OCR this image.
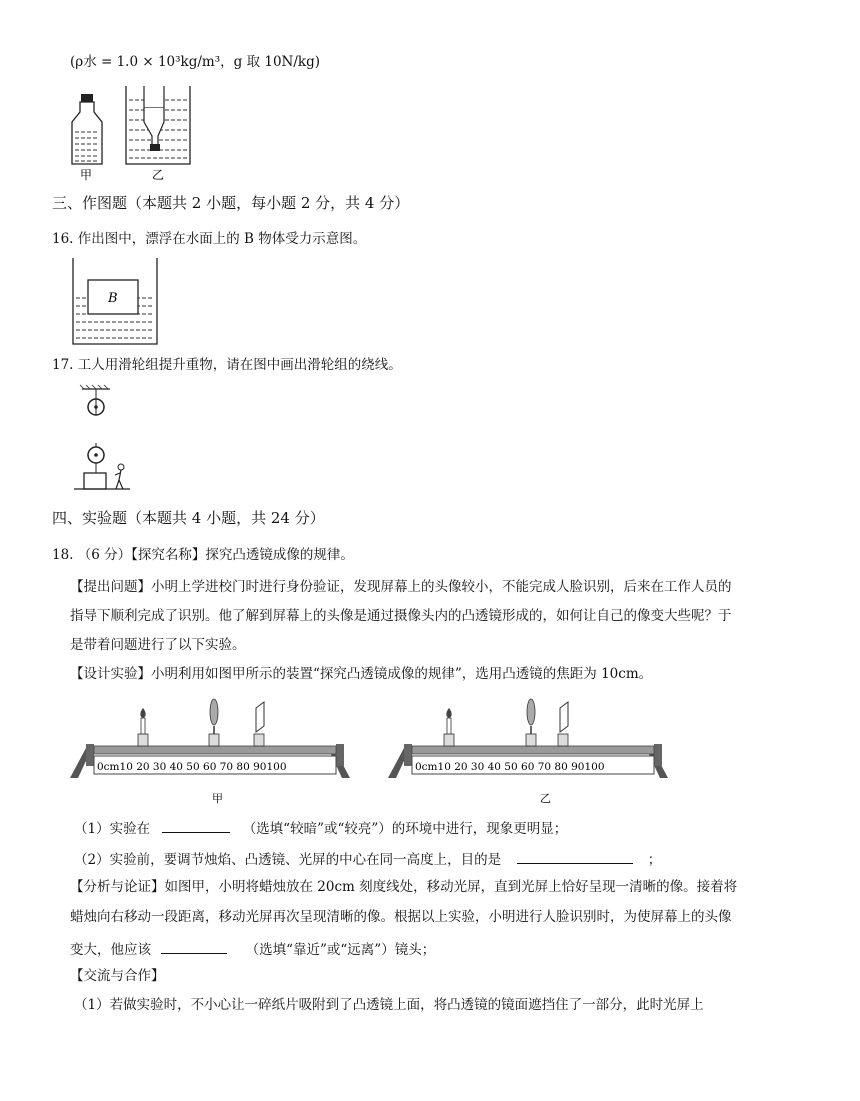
(ρ水 = 1.0 × 10³kg/m³，g 取 10N/kg)
甲	乙
三、作图题（本题共 2 小题，每小题 2 分，共 4 分）
16. 作出图中，漂浮在水面上的 B 物体受力示意图。
B
17. 工人用滑轮组提升重物，请在图中画出滑轮组的绕线。
四、实验题（本题共 4 小题，共 24 分）
18. （6 分）【探究名称】探究凸透镜成像的规律。
【提出问题】小明上学进校门时进行身份验证，发现屏幕上的头像较小，不能完成人脸识别，后来在工作人员的
指导下顺利完成了识别。他了解到屏幕上的头像是通过摄像头内的凸透镜形成的，如何让自己的像变大些呢？于
是带着问题进行了以下实验。
【设计实验】小明利用如图甲所示的装置“探究凸透镜成像的规律”，选用凸透镜的焦距为 10cm。
0cm10 20 30 40 50 60 70 80 90100
甲
0cm10 20 30 40 50 60 70 80 90100
乙
（1）实验在	（选填“较暗”或“较亮”）的环境中进行，现象更明显；
（2）实验前，要调节烛焰、凸透镜、光屏的中心在同一高度上，目的是	；
【分析与论证】如图甲，小明将蜡烛放在 20cm 刻度线处，移动光屏，直到光屏上恰好呈现一清晰的像。接着将
蜡烛向右移动一段距离，移动光屏再次呈现清晰的像。根据以上实验，小明进行人脸识别时，为使屏幕上的头像
变大，他应该	（选填“靠近”或“远离”）镜头；
【交流与合作】
（1）若做实验时，不小心让一碎纸片吸附到了凸透镜上面，将凸透镜的镜面遮挡住了一部分，此时光屏上
